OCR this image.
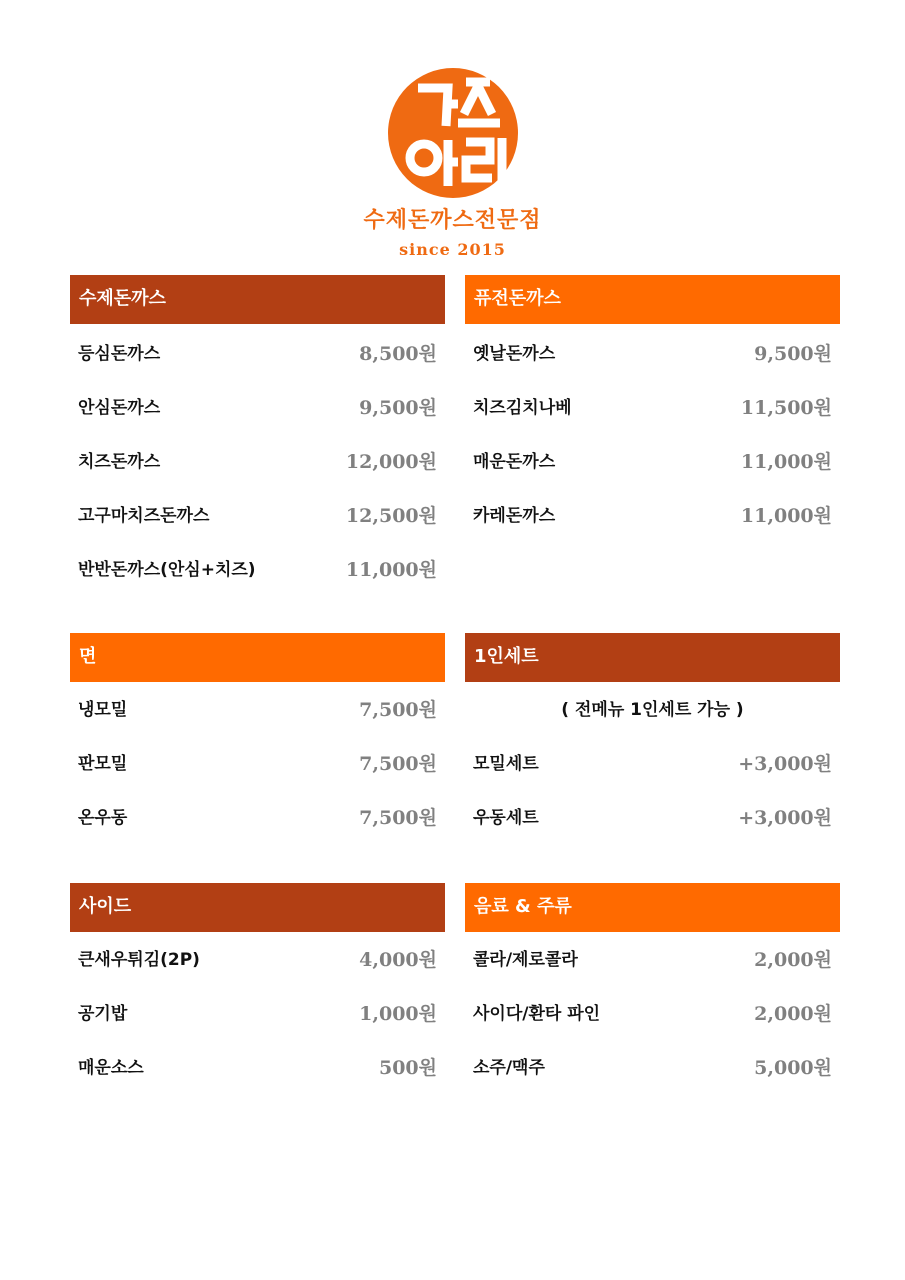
수제돈까스전문점
since 2015
수제돈까스
등심돈까스	8,500원
안심돈까스	9,500원
치즈돈까스	12,000원
고구마치즈돈까스	12,500원
반반돈까스(안심+치즈)	11,000원
퓨전돈까스
옛날돈까스	9,500원
치즈김치나베	11,500원
매운돈까스	11,000원
카레돈까스	11,000원
면
냉모밀	7,500원
판모밀	7,500원
온우동	7,500원
1인세트
( 전메뉴 1인세트 가능 )
모밀세트	+3,000원
우동세트	+3,000원
사이드
큰새우튀김(2P)	4,000원
공기밥	1,000원
매운소스	500원
음료 & 주류
콜라/제로콜라	2,000원
사이다/환타 파인	2,000원
소주/맥주	5,000원
